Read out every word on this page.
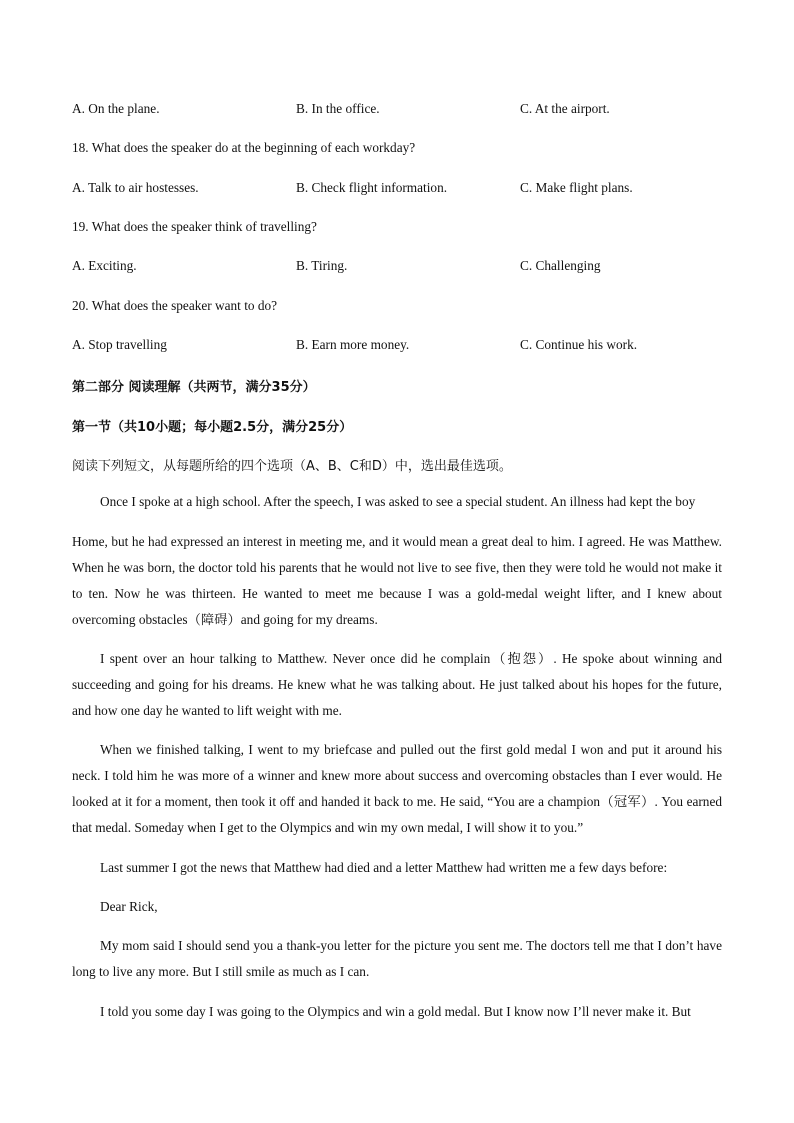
A. On the plane.	B. In the office.	C. At the airport.
18. What does the speaker do at the beginning of each workday?
A. Talk to air hostesses.	B. Check flight information.	C. Make flight plans.
19. What does the speaker think of travelling?
A. Exciting.	B. Tiring.	C. Challenging
20. What does the speaker want to do?
A. Stop travelling	B. Earn more money.	C. Continue his work.
第二部分 阅读理解（共两节，满分35分）
第一节（共10小题；每小题2.5分，满分25分）
阅读下列短文，从每题所给的四个选项（A、B、C和D）中，选出最佳选项。
Once I spoke at a high school. After the speech, I was asked to see a special student. An illness had kept the boy

Home, but he had expressed an interest in meeting me, and it would mean a great deal to him. I agreed. He was Matthew. When he was born, the doctor told his parents that he would not live to see five, then they were told he would not make it to ten. Now he was thirteen. He wanted to meet me because I was a gold-medal weight lifter, and I knew about overcoming obstacles（障碍）and going for my dreams.

I spent over an hour talking to Matthew. Never once did he complain（抱怨）. He spoke about winning and succeeding and going for his dreams. He knew what he was talking about. He just talked about his hopes for the future, and how one day he wanted to lift weight with me.

When we finished talking, I went to my briefcase and pulled out the first gold medal I won and put it around his neck. I told him he was more of a winner and knew more about success and overcoming obstacles than I ever would. He looked at it for a moment, then took it off and handed it back to me. He said, “You are a champion（冠军）. You earned that medal. Someday when I get to the Olympics and win my own medal, I will show it to you.”

Last summer I got the news that Matthew had died and a letter Matthew had written me a few days before:
Dear Rick,

My mom said I should send you a thank-you letter for the picture you sent me. The doctors tell me that I don’t have long to live any more. But I still smile as much as I can.

I told you some day I was going to the Olympics and win a gold medal. But I know now I’ll never make it. But
